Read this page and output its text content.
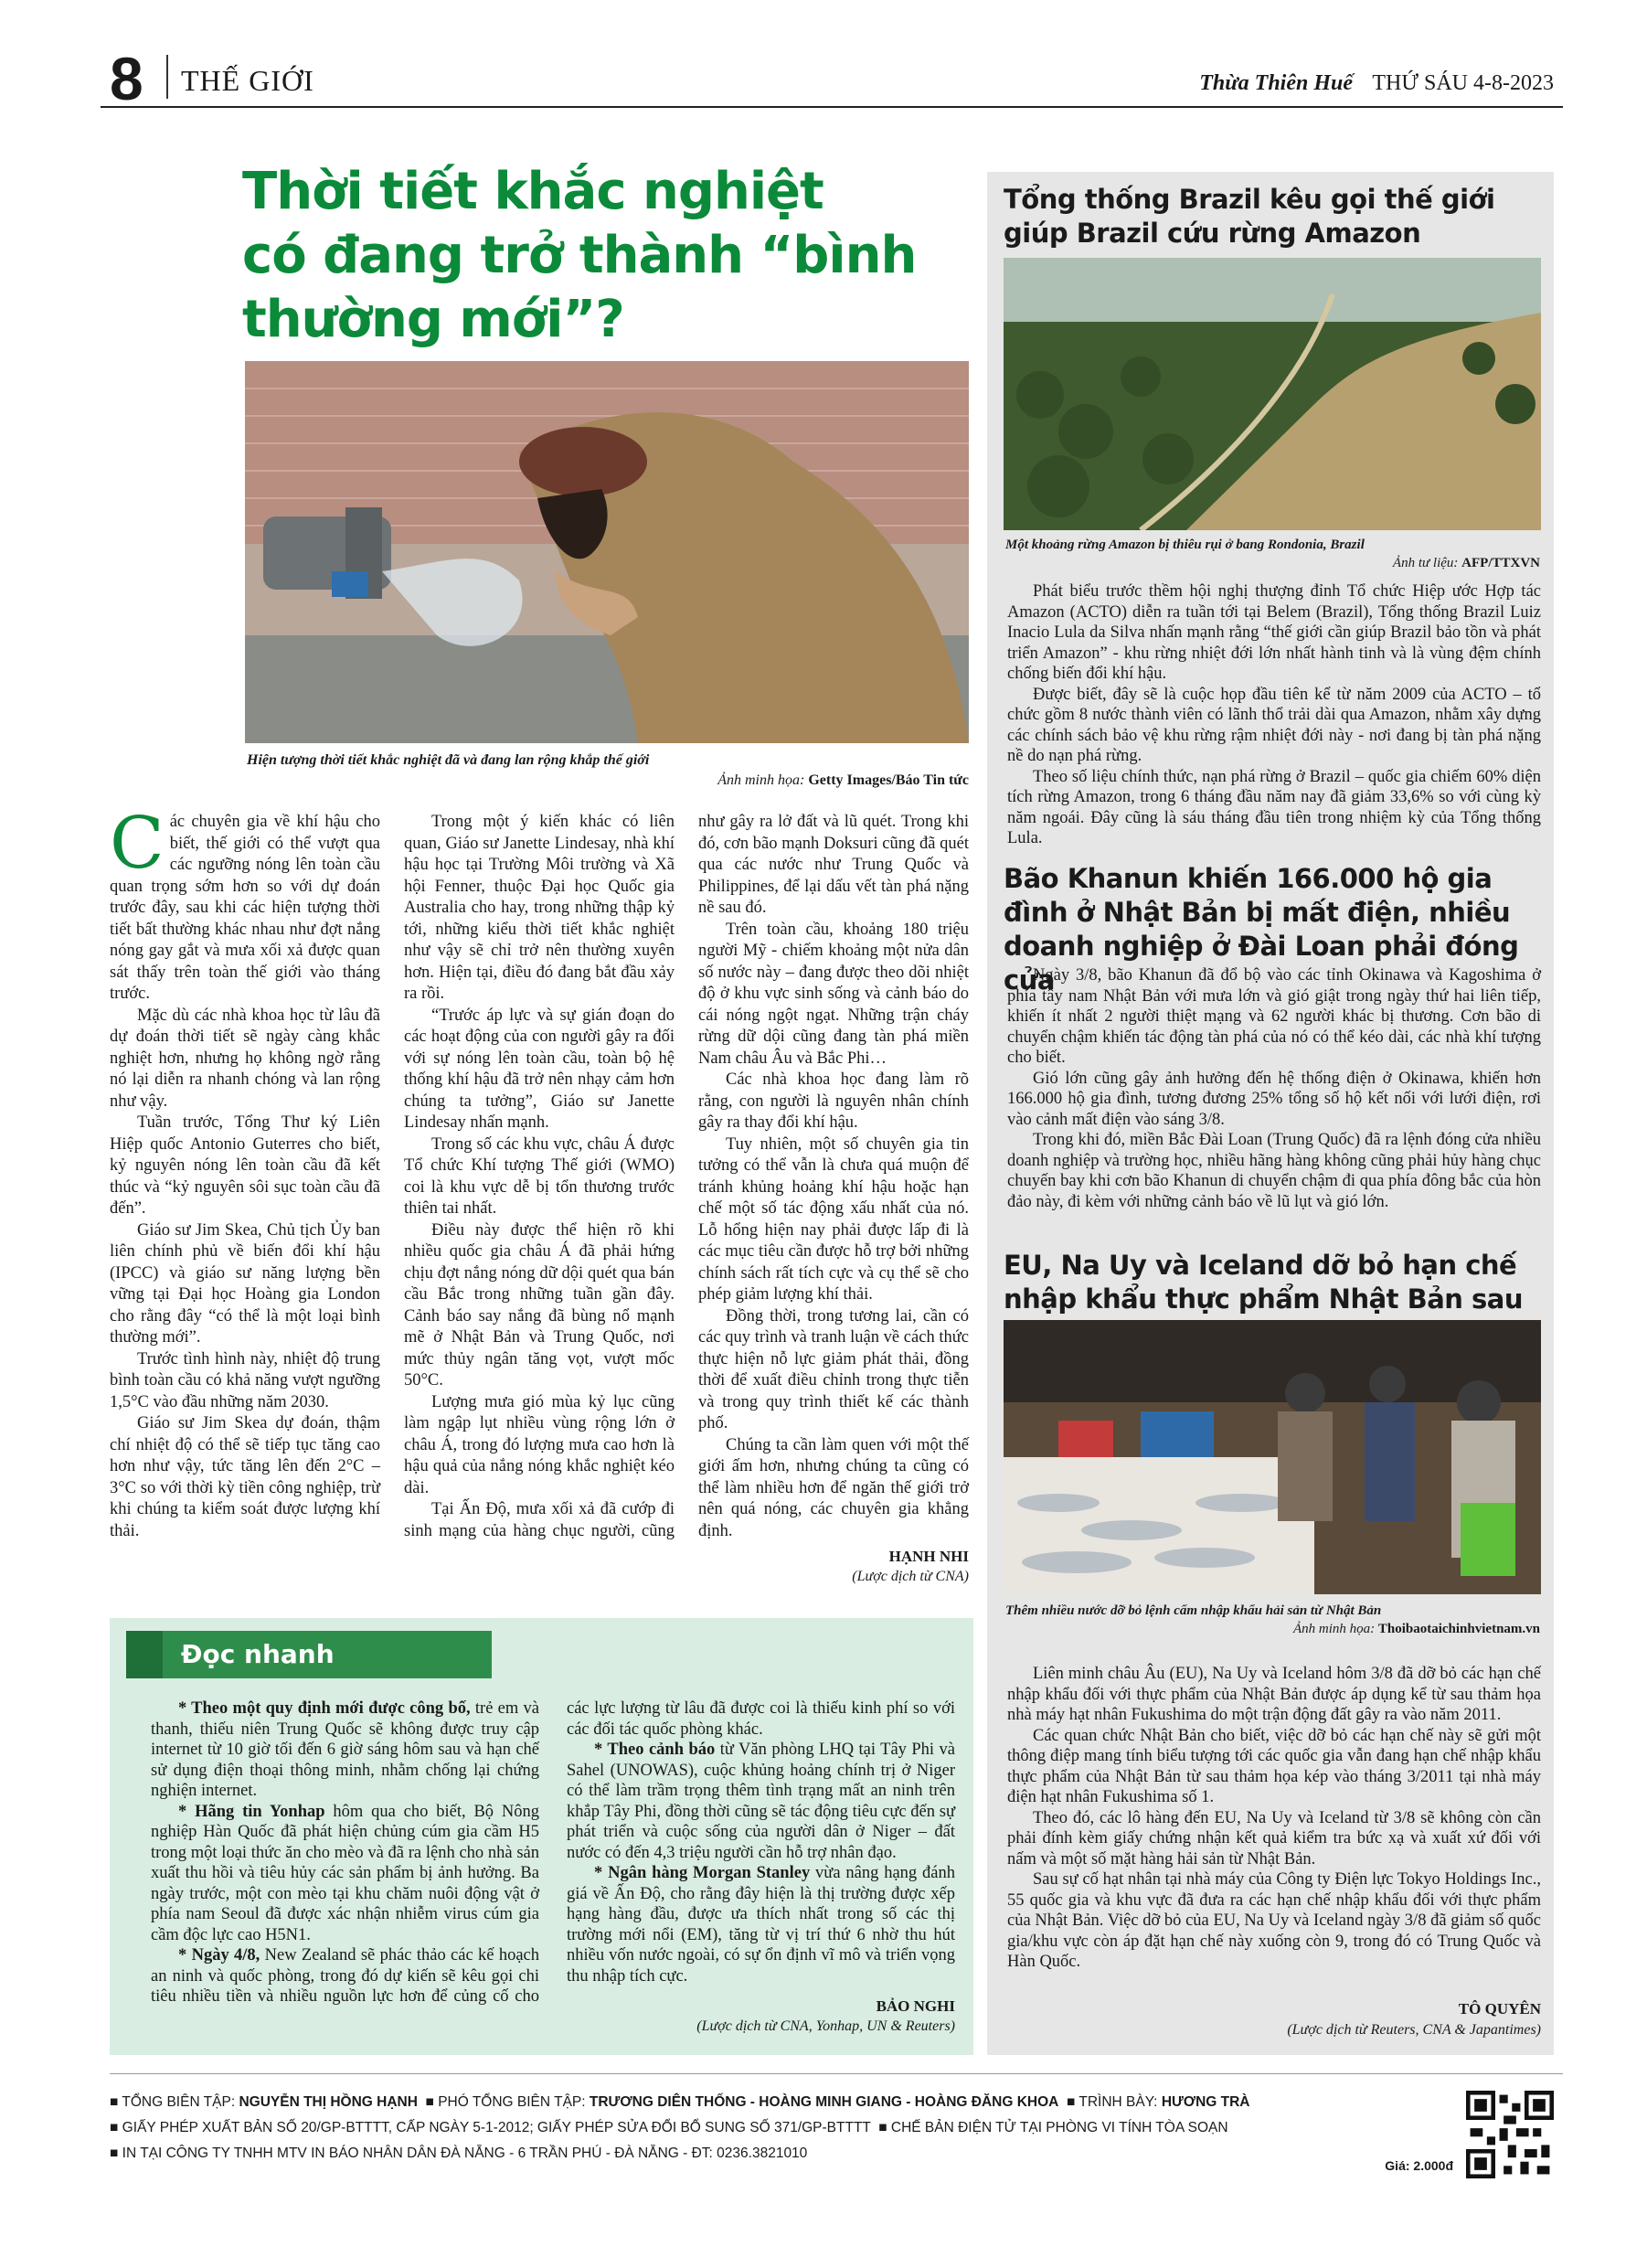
8 THẾ GIỚI	Thừa Thiên Huế THỨ SÁU 4-8-2023
Thời tiết khắc nghiệt
có đang trở thành “bình thường mới”?
Hiện tượng thời tiết khắc nghiệt đã và đang lan rộng khắp thế giới
Ảnh minh họa: Getty Images/Báo Tin tức

Các chuyên gia về khí hậu cho biết, thế giới có thể vượt qua các ngưỡng nóng lên toàn cầu quan trọng sớm hơn so với dự đoán trước đây, sau khi các hiện tượng thời tiết bất thường khác nhau như đợt nắng nóng gay gắt và mưa xối xả được quan sát thấy trên toàn thế giới vào tháng trước.

Mặc dù các nhà khoa học từ lâu đã dự đoán thời tiết sẽ ngày càng khắc nghiệt hơn, nhưng họ không ngờ rằng nó lại diễn ra nhanh chóng và lan rộng như vậy.

Tuần trước, Tổng Thư ký Liên Hiệp quốc Antonio Guterres cho biết, kỷ nguyên nóng lên toàn cầu đã kết thúc và “kỷ nguyên sôi sục toàn cầu đã đến”.

Giáo sư Jim Skea, Chủ tịch Ủy ban liên chính phủ về biến đổi khí hậu (IPCC) và giáo sư năng lượng bền vững tại Đại học Hoàng gia London cho rằng đây “có thể là một loại bình thường mới”.

Trước tình hình này, nhiệt độ trung bình toàn cầu có khả năng vượt ngưỡng 1,5°C vào đầu những năm 2030.

Giáo sư Jim Skea dự đoán, thậm chí nhiệt độ có thể sẽ tiếp tục tăng cao hơn như vậy, tức tăng lên đến 2°C – 3°C so với thời kỳ tiền công nghiệp, trừ khi chúng ta kiểm soát được lượng khí thải.

Trong một ý kiến khác có liên quan, Giáo sư Janette Lindesay, nhà khí hậu học tại Trường Môi trường và Xã hội Fenner, thuộc Đại học Quốc gia Australia cho hay, trong những thập kỷ tới, những kiểu thời tiết khắc nghiệt như vậy sẽ chỉ trở nên thường xuyên hơn. Hiện tại, điều đó đang bắt đầu xảy ra rồi.

“Trước áp lực và sự gián đoạn do các hoạt động của con người gây ra đối với sự nóng lên toàn cầu, toàn bộ hệ thống khí hậu đã trở nên nhạy cảm hơn chúng ta tưởng”, Giáo sư Janette Lindesay nhấn mạnh.

Trong số các khu vực, châu Á được Tổ chức Khí tượng Thế giới (WMO) coi là khu vực dễ bị tổn thương trước thiên tai nhất.

Điều này được thể hiện rõ khi nhiều quốc gia châu Á đã phải hứng chịu đợt nắng nóng dữ dội quét qua bán cầu Bắc trong những tuần gần đây. Cảnh báo say nắng đã bùng nổ mạnh mẽ ở Nhật Bản và Trung Quốc, nơi mức thủy ngân tăng vọt, vượt mốc 50°C.

Lượng mưa gió mùa kỷ lục cũng làm ngập lụt nhiều vùng rộng lớn ở châu Á, trong đó lượng mưa cao hơn là hậu quả của nắng nóng khắc nghiệt kéo dài.

Tại Ấn Độ, mưa xối xả đã cướp đi sinh mạng của hàng chục người, cũng như gây ra lở đất và lũ quét. Trong khi đó, cơn bão mạnh Doksuri cũng đã quét qua các nước như Trung Quốc và Philippines, để lại dấu vết tàn phá nặng nề sau đó.

Trên toàn cầu, khoảng 180 triệu người Mỹ - chiếm khoảng một nửa dân số nước này – đang được theo dõi nhiệt độ ở khu vực sinh sống và cảnh báo do cái nóng ngột ngạt. Những trận cháy rừng dữ dội cũng đang tàn phá miền Nam châu Âu và Bắc Phi…

Các nhà khoa học đang làm rõ rằng, con người là nguyên nhân chính gây ra thay đổi khí hậu.

Tuy nhiên, một số chuyên gia tin tưởng có thể vẫn là chưa quá muộn để tránh khủng hoảng khí hậu hoặc hạn chế một số tác động xấu nhất của nó. Lỗ hổng hiện nay phải được lấp đi là các mục tiêu cần được hỗ trợ bởi những chính sách rất tích cực và cụ thể sẽ cho phép giảm lượng khí thải.

Đồng thời, trong tương lai, cần có các quy trình và tranh luận về cách thức thực hiện nỗ lực giảm phát thải, đồng thời để xuất điều chỉnh trong thực tiễn và trong quy trình thiết kế các thành phố.

Chúng ta cần làm quen với một thế giới ấm hơn, nhưng chúng ta cũng có thể làm nhiều hơn để ngăn thế giới trở nên quá nóng, các chuyên gia khẳng định.

HẠNH NHI
(Lược dịch từ CNA)
Tổng thống Brazil kêu gọi thế giới giúp Brazil cứu rừng Amazon
Một khoảng rừng Amazon bị thiêu rụi ở bang Rondonia, Brazil
Ảnh tư liệu: AFP/TTXVN

Phát biểu trước thềm hội nghị thượng đỉnh Tổ chức Hiệp ước Hợp tác Amazon (ACTO) diễn ra tuần tới tại Belem (Brazil), Tổng thống Brazil Luiz Inacio Lula da Silva nhấn mạnh rằng “thế giới cần giúp Brazil bảo tồn và phát triển Amazon” - khu rừng nhiệt đới lớn nhất hành tinh và là vùng đệm chính chống biến đổi khí hậu.

Được biết, đây sẽ là cuộc họp đầu tiên kể từ năm 2009 của ACTO – tổ chức gồm 8 nước thành viên có lãnh thổ trải dài qua Amazon, nhằm xây dựng các chính sách bảo vệ khu rừng rậm nhiệt đới này - nơi đang bị tàn phá nặng nề do nạn phá rừng.

Theo số liệu chính thức, nạn phá rừng ở Brazil – quốc gia chiếm 60% diện tích rừng Amazon, trong 6 tháng đầu năm nay đã giảm 33,6% so với cùng kỳ năm ngoái. Đây cũng là sáu tháng đầu tiên trong nhiệm kỳ của Tổng thống Lula.

Bão Khanun khiến 166.000 hộ gia đình ở Nhật Bản bị mất điện, nhiều doanh nghiệp ở Đài Loan phải đóng cửa

Ngày 3/8, bão Khanun đã đổ bộ vào các tỉnh Okinawa và Kagoshima ở phía tây nam Nhật Bản với mưa lớn và gió giật trong ngày thứ hai liên tiếp, khiến ít nhất 2 người thiệt mạng và 62 người khác bị thương. Cơn bão di chuyển chậm khiến tác động tàn phá của nó có thể kéo dài, các nhà khí tượng cho biết.

Gió lớn cũng gây ảnh hưởng đến hệ thống điện ở Okinawa, khiến hơn 166.000 hộ gia đình, tương đương 25% tổng số hộ kết nối với lưới điện, rơi vào cảnh mất điện vào sáng 3/8.

Trong khi đó, miền Bắc Đài Loan (Trung Quốc) đã ra lệnh đóng cửa nhiều doanh nghiệp và trường học, nhiều hãng hàng không cũng phải hủy hàng chục chuyến bay khi cơn bão Khanun di chuyển chậm đi qua phía đông bắc của hòn đảo này, đi kèm với những cảnh báo về lũ lụt và gió lớn.

EU, Na Uy và Iceland dỡ bỏ hạn chế nhập khẩu thực phẩm Nhật Bản sau
Thêm nhiều nước dỡ bỏ lệnh cấm nhập khẩu hải sản từ Nhật Bản
Ảnh minh họa: Thoibaotaichinhvietnam.vn

Liên minh châu Âu (EU), Na Uy và Iceland hôm 3/8 đã dỡ bỏ các hạn chế nhập khẩu đối với thực phẩm của Nhật Bản được áp dụng kể từ sau thảm họa nhà máy hạt nhân Fukushima do một trận động đất gây ra vào năm 2011.

Các quan chức Nhật Bản cho biết, việc dỡ bỏ các hạn chế này sẽ gửi một thông điệp mang tính biểu tượng tới các quốc gia vẫn đang hạn chế nhập khẩu thực phẩm của Nhật Bản từ sau thảm họa kép vào tháng 3/2011 tại nhà máy điện hạt nhân Fukushima số 1.

Theo đó, các lô hàng đến EU, Na Uy và Iceland từ 3/8 sẽ không còn cần phải đính kèm giấy chứng nhận kết quả kiểm tra bức xạ và xuất xứ đối với nấm và một số mặt hàng hải sản từ Nhật Bản.

Sau sự cố hạt nhân tại nhà máy của Công ty Điện lực Tokyo Holdings Inc., 55 quốc gia và khu vực đã đưa ra các hạn chế nhập khẩu đối với thực phẩm của Nhật Bản. Việc dỡ bỏ của EU, Na Uy và Iceland ngày 3/8 đã giảm số quốc gia/khu vực còn áp đặt hạn chế này xuống còn 9, trong đó có Trung Quốc và Hàn Quốc.

TÔ QUYÊN
(Lược dịch từ Reuters, CNA & Japantimes)
Đọc nhanh

* Theo một quy định mới được công bố, trẻ em và thanh, thiếu niên Trung Quốc sẽ không được truy cập internet từ 10 giờ tối đến 6 giờ sáng hôm sau và hạn chế sử dụng điện thoại thông minh, nhằm chống lại chứng nghiện internet.

* Hãng tin Yonhap hôm qua cho biết, Bộ Nông nghiệp Hàn Quốc đã phát hiện chủng cúm gia cầm H5 trong một loại thức ăn cho mèo và đã ra lệnh cho nhà sản xuất thu hồi và tiêu hủy các sản phẩm bị ảnh hưởng. Ba ngày trước, một con mèo tại khu chăm nuôi động vật ở phía nam Seoul đã được xác nhận nhiễm virus cúm gia cầm độc lực cao H5N1.

* Ngày 4/8, New Zealand sẽ phác thảo các kế hoạch an ninh và quốc phòng, trong đó dự kiến sẽ kêu gọi chi tiêu nhiều tiền và nhiều nguồn lực hơn để củng cố cho các lực lượng từ lâu đã được coi là thiếu kinh phí so với các đối tác quốc phòng khác.

* Theo cảnh báo từ Văn phòng LHQ tại Tây Phi và Sahel (UNOWAS), cuộc khủng hoảng chính trị ở Niger có thể làm trầm trọng thêm tình trạng mất an ninh trên khắp Tây Phi, đồng thời cũng sẽ tác động tiêu cực đến sự phát triển và cuộc sống của người dân ở Niger – đất nước có đến 4,3 triệu người cần hỗ trợ nhân đạo.

* Ngân hàng Morgan Stanley vừa nâng hạng đánh giá về Ấn Độ, cho rằng đây hiện là thị trường được xếp hạng hàng đầu, được ưa thích nhất trong số các thị trường mới nổi (EM), tăng từ vị trí thứ 6 nhờ thu hút nhiều vốn nước ngoài, có sự ổn định vĩ mô và triển vọng thu nhập tích cực.

BẢO NGHI
(Lược dịch từ CNA, Yonhap, UN & Reuters)
■ TỔNG BIÊN TẬP: NGUYỄN THỊ HỒNG HẠNH  ■ PHÓ TỔNG BIÊN TẬP: TRƯƠNG DIÊN THỐNG - HOÀNG MINH GIANG - HOÀNG ĐĂNG KHOA  ■ TRÌNH BÀY: HƯƠNG TRÀ
■ GIẤY PHÉP XUẤT BẢN SỐ 20/GP-BTTTT, CẤP NGÀY 5-1-2012; GIẤY PHÉP SỬA ĐỔI BỔ SUNG SỐ 371/GP-BTTTT  ■ CHẾ BẢN ĐIỆN TỬ TẠI PHÒNG VI TÍNH TÒA SOẠN
■ IN TẠI CÔNG TY TNHH MTV IN BÁO NHÂN DÂN ĐÀ NẴNG - 6 TRẦN PHÚ - ĐÀ NẴNG - ĐT: 0236.3821010
Giá: 2.000đ
